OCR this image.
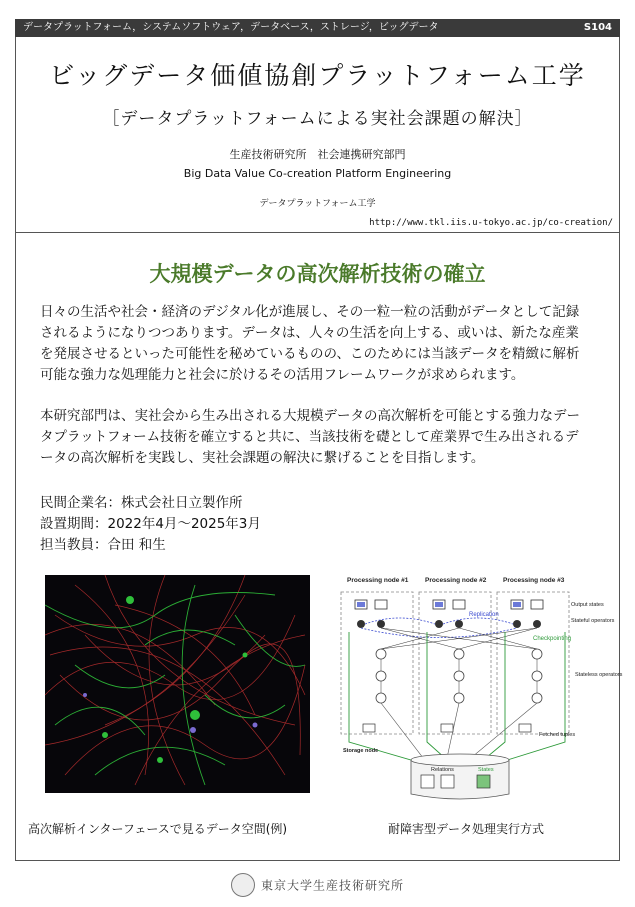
データプラットフォーム，システムソフトウェア，データベース，ストレージ，ビッグデータ	S104
ビッグデータ価値協創プラットフォーム工学
［データプラットフォームによる実社会課題の解決］
生産技術研究所　社会連携研究部門
Big Data Value Co-creation Platform Engineering
データプラットフォーム工学
http://www.tkl.iis.u-tokyo.ac.jp/co-creation/
大規模データの高次解析技術の確立
日々の生活や社会・経済のデジタル化が進展し、その一粒一粒の活動がデータとして記録されるようになりつつあります。データは、人々の生活を向上する、或いは、新たな産業を発展させるといった可能性を秘めているものの、このためには当該データを精緻に解析可能な強力な処理能力と社会に於けるその活用フレームワークが求められます。
本研究部門は、実社会から生み出される大規模データの高次解析を可能とする強力なデータプラットフォーム技術を確立すると共に、当該技術を礎として産業界で生み出されるデータの高次解析を実践し、実社会課題の解決に繋げることを目指します。
民間企業名：株式会社日立製作所
設置期間：2022年4月～2025年3月
担当教員：合田 和生
Processing node #1	Processing node #2	Processing node #3
Replication
Checkpointing
Output states
Stateful operators
Stateless operators
Fetched tuples
Storage node
Relations	States
高次解析インターフェースで見るデータ空間(例)	耐障害型データ処理実行方式
東京大学生産技術研究所
